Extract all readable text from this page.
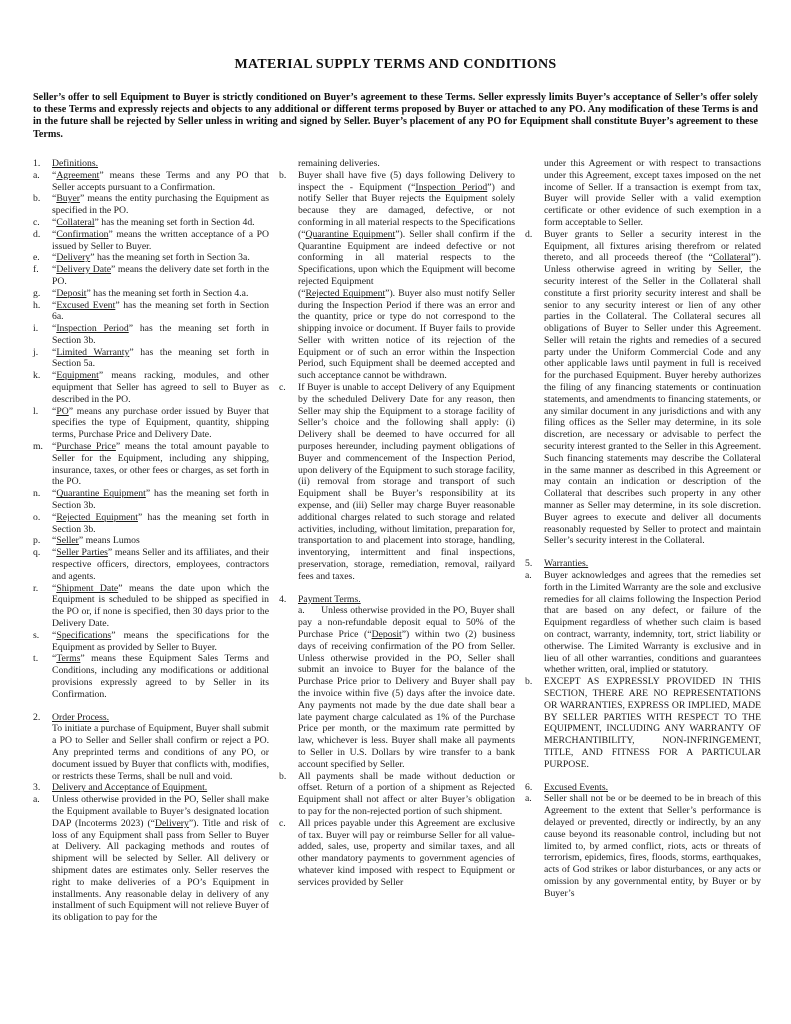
MATERIAL SUPPLY TERMS AND CONDITIONS
Seller’s offer to sell Equipment to Buyer is strictly conditioned on Buyer’s agreement to these Terms. Seller expressly limits Buyer’s acceptance of Seller’s offer solely to these Terms and expressly rejects and objects to any additional or different terms proposed by Buyer or attached to any PO. Any modification of these Terms is and in the future shall be rejected by Seller unless in writing and signed by Seller. Buyer’s placement of any PO for Equipment shall constitute Buyer’s agreement to these Terms.
1. Definitions.
a. “Agreement” means these Terms and any PO that Seller accepts pursuant to a Confirmation.
b. “Buyer” means the entity purchasing the Equipment as specified in the PO.
c. “Collateral” has the meaning set forth in Section 4d.
d. “Confirmation” means the written acceptance of a PO issued by Seller to Buyer.
e. “Delivery” has the meaning set forth in Section 3a.
f. “Delivery Date” means the delivery date set forth in the PO.
g. “Deposit” has the meaning set forth in Section 4.a.
h. “Excused Event” has the meaning set forth in Section 6a.
i. “Inspection Period” has the meaning set forth in Section 3b.
j. “Limited Warranty” has the meaning set forth in Section 5a.
k. “Equipment” means racking, modules, and other equipment that Seller has agreed to sell to Buyer as described in the PO.
l. “PO” means any purchase order issued by Buyer that specifies the type of Equipment, quantity, shipping terms, Purchase Price and Delivery Date.
m. “Purchase Price” means the total amount payable to Seller for the Equipment, including any shipping, insurance, taxes, or other fees or charges, as set forth in the PO.
n. “Quarantine Equipment” has the meaning set forth in Section 3b.
o. “Rejected Equipment” has the meaning set forth in Section 3b.
p. “Seller” means Lumos
q. “Seller Parties” means Seller and its affiliates, and their respective officers, directors, employees, contractors and agents.
r. “Shipment Date” means the date upon which the Equipment is scheduled to be shipped as specified in the PO or, if none is specified, then 30 days prior to the Delivery Date.
s. “Specifications” means the specifications for the Equipment as provided by Seller to Buyer.
t. “Terms” means these Equipment Sales Terms and Conditions, including any modifications or additional provisions expressly agreed to by Seller in its Confirmation.
2. Order Process.
To initiate a purchase of Equipment, Buyer shall submit a PO to Seller and Seller shall confirm or reject a PO. Any preprinted terms and conditions of any PO, or document issued by Buyer that conflicts with, modifies, or restricts these Terms, shall be null and void.
3. Delivery and Acceptance of Equipment.
a. Unless otherwise provided in the PO, Seller shall make the Equipment available to Buyer’s designated location DAP (Incoterms 2023) (“Delivery”). Title and risk of loss of any Equipment shall pass from Seller to Buyer at Delivery. All packaging methods and routes of shipment will be selected by Seller. All delivery or shipment dates are estimates only. Seller reserves the right to make deliveries of a PO’s Equipment in installments. Any reasonable delay in delivery of any installment of such Equipment will not relieve Buyer of its obligation to pay for the
remaining deliveries.
b. Buyer shall have five (5) days following Delivery to inspect the - Equipment (“Inspection Period”) and notify Seller that Buyer rejects the Equipment solely because they are damaged, defective, or not conforming in all material respects to the Specifications (“Quarantine Equipment”). Seller shall confirm if the Quarantine Equipment are indeed defective or not conforming in all material respects to the Specifications, upon which the Equipment will become rejected Equipment
(“Rejected Equipment”). Buyer also must notify Seller during the Inspection Period if there was an error and the quantity, price or type do not correspond to the shipping invoice or document. If Buyer fails to provide Seller with written notice of its rejection of the Equipment or of such an error within the Inspection Period, such Equipment shall be deemed accepted and such acceptance cannot be withdrawn.
c. If Buyer is unable to accept Delivery of any Equipment by the scheduled Delivery Date for any reason, then Seller may ship the Equipment to a storage facility of Seller’s choice and the following shall apply: (i) Delivery shall be deemed to have occurred for all purposes hereunder, including payment obligations of Buyer and commencement of the Inspection Period, upon delivery of the Equipment to such storage facility, (ii) removal from storage and transport of such Equipment shall be Buyer’s responsibility at its expense, and (iii) Seller may charge Buyer reasonable additional charges related to such storage and related activities, including, without limitation, preparation for, transportation to and placement into storage, handling, inventorying, intermittent and final inspections, preservation, storage, remediation, removal, railyard fees and taxes.
4. Payment Terms.
a.      Unless otherwise provided in the PO, Buyer shall pay a non-refundable deposit equal to 50% of the Purchase Price (“Deposit”) within two (2) business days of receiving confirmation of the PO from Seller. Unless otherwise provided in the PO, Seller shall submit an invoice to Buyer for the balance of the Purchase Price prior to Delivery and Buyer shall pay the invoice within five (5) days after the invoice date. Any payments not made by the due date shall bear a late payment charge calculated as 1% of the Purchase Price per month, or the maximum rate permitted by law, whichever is less. Buyer shall make all payments to Seller in U.S. Dollars by wire transfer to a bank account specified by Seller.
b. All payments shall be made without deduction or offset. Return of a portion of a shipment as Rejected Equipment shall not affect or alter Buyer’s obligation to pay for the non-rejected portion of such shipment.
c. All prices payable under this Agreement are exclusive of tax. Buyer will pay or reimburse Seller for all value-added, sales, use, property and similar taxes, and all other mandatory payments to government agencies of whatever kind imposed with respect to Equipment or services provided by Seller
under this Agreement or with respect to transactions under this Agreement, except taxes imposed on the net income of Seller. If a transaction is exempt from tax, Buyer will provide Seller with a valid exemption certificate or other evidence of such exemption in a form acceptable to Seller.
d. Buyer grants to Seller a security interest in the Equipment, all fixtures arising therefrom or related thereto, and all proceeds thereof (the “Collateral”). Unless otherwise agreed in writing by Seller, the security interest of the Seller in the Collateral shall constitute a first priority security interest and shall be senior to any security interest or lien of any other parties in the Collateral. The Collateral secures all obligations of Buyer to Seller under this Agreement. Seller will retain the rights and remedies of a secured party under the Uniform Commercial Code and any other applicable laws until payment in full is received for the purchased Equipment. Buyer hereby authorizes the filing of any financing statements or continuation statements, and amendments to financing statements, or any similar document in any jurisdictions and with any filing offices as the Seller may determine, in its sole discretion, are necessary or advisable to perfect the security interest granted to the Seller in this Agreement. Such financing statements may describe the Collateral in the same manner as described in this Agreement or may contain an indication or description of the Collateral that describes such property in any other manner as Seller may determine, in its sole discretion. Buyer agrees to execute and deliver all documents reasonably requested by Seller to protect and maintain Seller’s security interest in the Collateral.
5. Warranties.
a. Buyer acknowledges and agrees that the remedies set forth in the Limited Warranty are the sole and exclusive remedies for all claims following the Inspection Period that are based on any defect, or failure of the Equipment regardless of whether such claim is based on contract, warranty, indemnity, tort, strict liability or otherwise. The Limited Warranty is exclusive and in lieu of all other warranties, conditions and guarantees whether written, oral, implied or statutory.
b. EXCEPT AS EXPRESSLY PROVIDED IN THIS SECTION, THERE ARE NO REPRESENTATIONS OR WARRANTIES, EXPRESS OR IMPLIED, MADE BY SELLER PARTIES WITH RESPECT TO THE EQUIPMENT, INCLUDING ANY WARRANTY OF MERCHANTIBILITY, NON-INFRINGEMENT, TITLE, AND FITNESS FOR A PARTICULAR PURPOSE.
6. Excused Events.
a. Seller shall not be or be deemed to be in breach of this Agreement to the extent that Seller’s performance is delayed or prevented, directly or indirectly, by an any cause beyond its reasonable control, including but not limited to, by armed conflict, riots, acts or threats of terrorism, epidemics, fires, floods, storms, earthquakes, acts of God strikes or labor disturbances, or any acts or omission by any governmental entity, by Buyer or by Buyer’s
